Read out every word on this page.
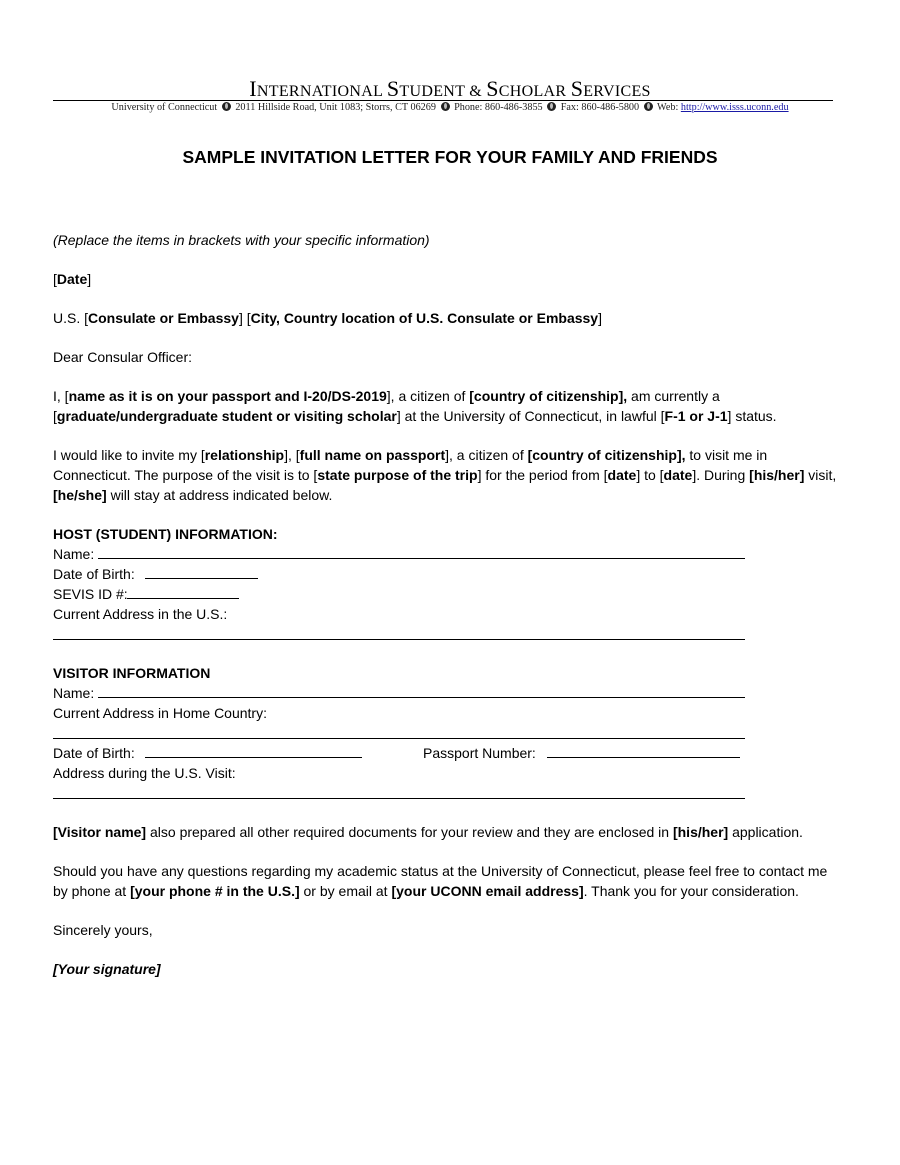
INTERNATIONAL STUDENT & SCHOLAR SERVICES
University of Connecticut 2011 Hillside Road, Unit 1083; Storrs, CT 06269 Phone: 860-486-3855 Fax: 860-486-5800 Web: http://www.isss.uconn.edu
SAMPLE INVITATION LETTER FOR YOUR FAMILY AND FRIENDS

(Replace the items in brackets with your specific information)

[Date]

U.S. [Consulate or Embassy] [City, Country location of U.S. Consulate or Embassy]

Dear Consular Officer:

I, [name as it is on your passport and I-20/DS-2019], a citizen of [country of citizenship], am currently a [graduate/undergraduate student or visiting scholar] at the University of Connecticut, in lawful [F-1 or J-1] status.

I would like to invite my [relationship], [full name on passport], a citizen of [country of citizenship], to visit me in Connecticut. The purpose of the visit is to [state purpose of the trip] for the period from [date] to [date]. During [his/her] visit, [he/she] will stay at address indicated below.

HOST (STUDENT) INFORMATION:

Name:
Date of Birth:
SEVIS ID #:

Current Address in the U.S.:

VISITOR INFORMATION

Name:

Current Address in Home Country:

Date of Birth:	Passport Number:

Address during the U.S. Visit:

[Visitor name] also prepared all other required documents for your review and they are enclosed in [his/her] application.

Should you have any questions regarding my academic status at the University of Connecticut, please feel free to contact me by phone at [your phone # in the U.S.] or by email at [your UCONN email address]. Thank you for your consideration.

Sincerely yours,

[Your signature]
